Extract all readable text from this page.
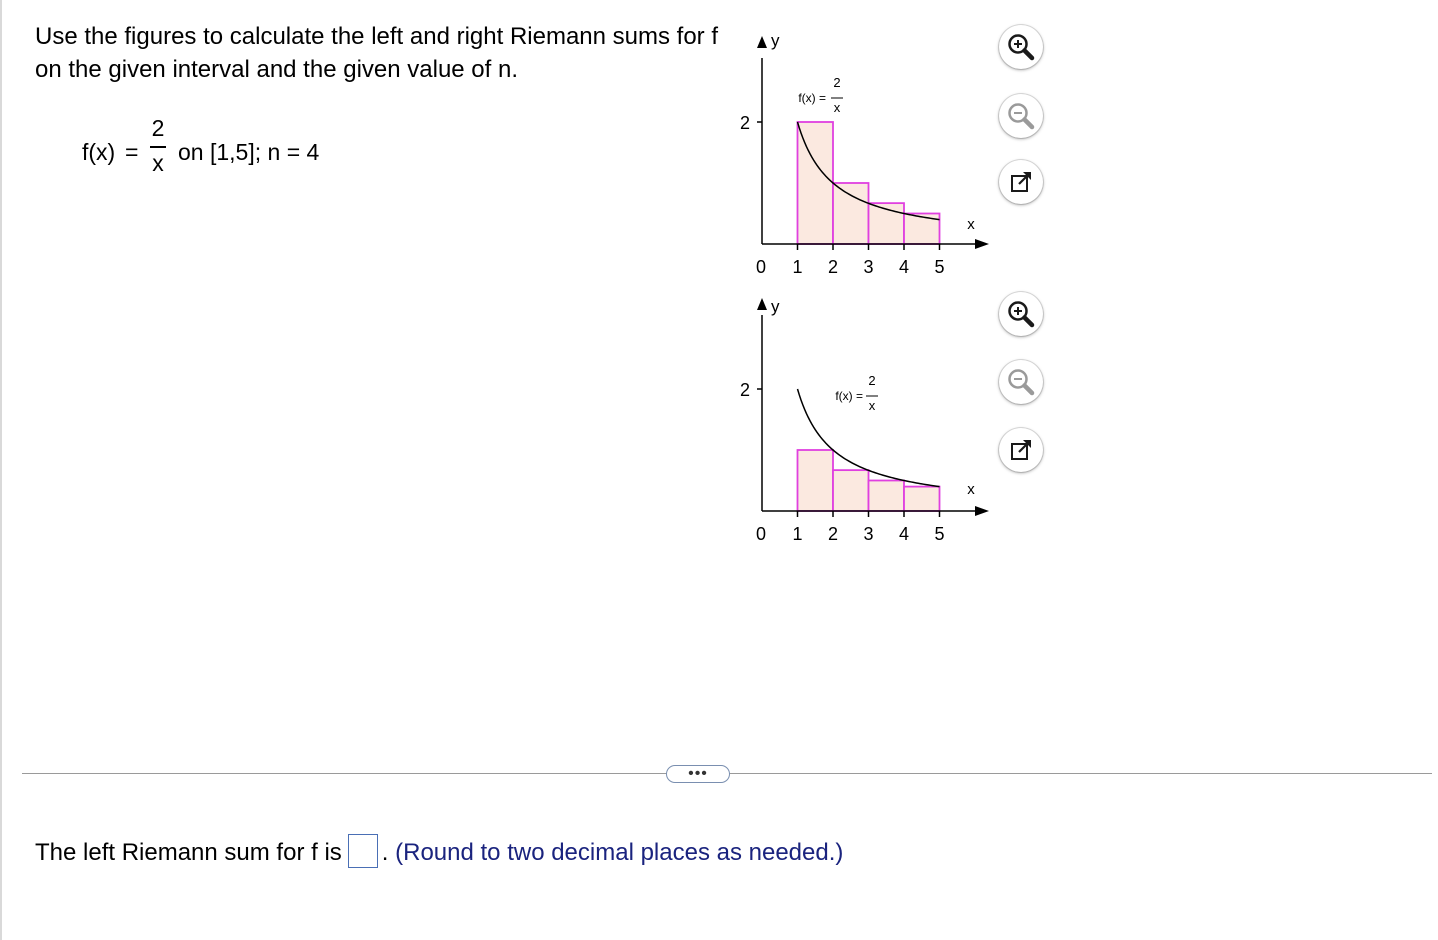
Use the figures to calculate the left and right Riemann sums for f on the given interval and the given value of n.
f(x) =
2
x on [1,5]; n = 4
1 2 3 4 5
2
y
x
0
f(x) =
2
x
1 2 3 4 5
2
y
x
0
f(x) =
2
x
•••
The left Riemann sum for f is . (Round to two decimal places as needed.)
